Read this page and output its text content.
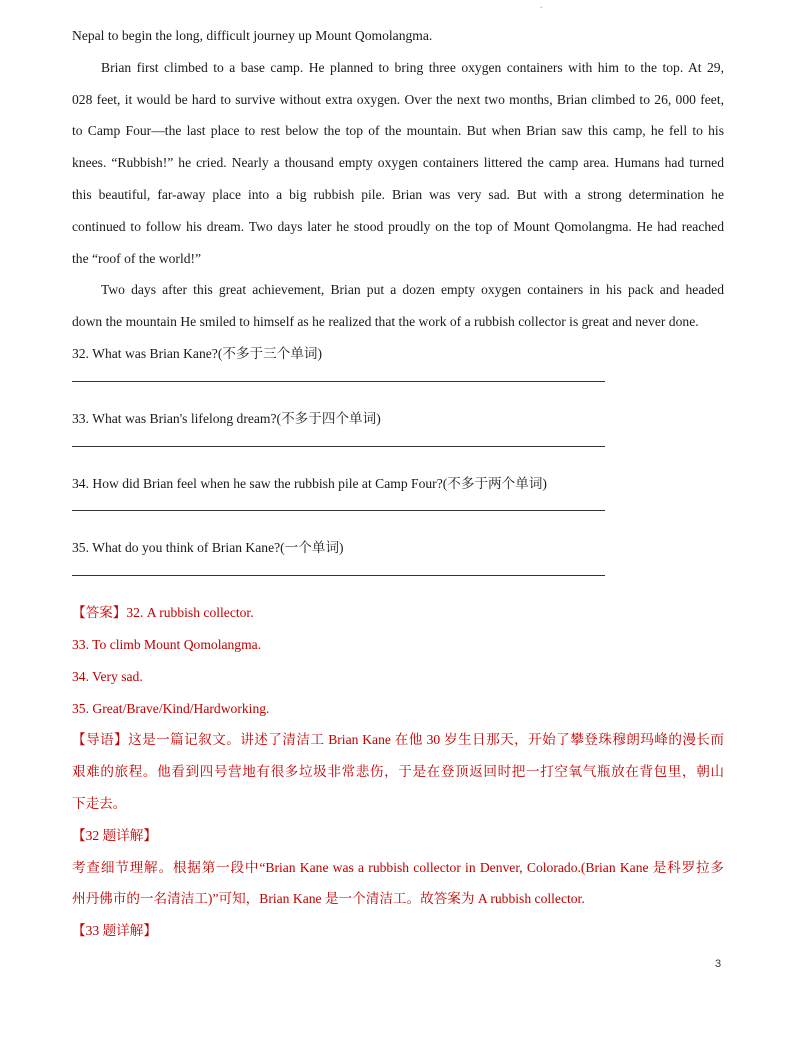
.
Nepal to begin the long, difficult journey up Mount Qomolangma.
Brian first climbed to a base camp. He planned to bring three oxygen containers with him to the top. At 29,
028 feet, it would be hard to survive without extra oxygen. Over the next two months, Brian climbed to 26, 000 feet,
to Camp Four—the last place to rest below the top of the mountain. But when Brian saw this camp, he fell to his
knees. “Rubbish!” he cried. Nearly a thousand empty oxygen containers littered the camp area. Humans had turned
this beautiful, far-away place into a big rubbish pile. Brian was very sad. But with a strong determination he
continued to follow his dream. Two days later he stood proudly on the top of Mount Qomolangma. He had reached
the “roof of the world!”
Two days after this great achievement, Brian put a dozen empty oxygen containers in his pack and headed
down the mountain He smiled to himself as he realized that the work of a rubbish collector is great and never done.
32. What was Brian Kane?(不多于三个单词)
33. What was Brian's lifelong dream?(不多于四个单词)
34. How did Brian feel when he saw the rubbish pile at Camp Four?(不多于两个单词)
35. What do you think of Brian Kane?(一个单词)
【答案】32. A rubbish collector.
33. To climb Mount Qomolangma.
34. Very sad.
35. Great/Brave/Kind/Hardworking.
【导语】这是一篇记叙文。讲述了清洁工 Brian Kane 在他 30 岁生日那天，开始了攀登珠穆朗玛峰的漫长而
艰难的旅程。他看到四号营地有很多垃圾非常悲伤，于是在登顶返回时把一打空氧气瓶放在背包里，朝山
下走去。
【32 题详解】
考查细节理解。根据第一段中“Brian Kane was a rubbish collector in Denver, Colorado.(Brian Kane 是科罗拉多
州丹佛市的一名清洁工)”可知，Brian Kane 是一个清洁工。故答案为 A rubbish collector.
【33 题详解】
3
